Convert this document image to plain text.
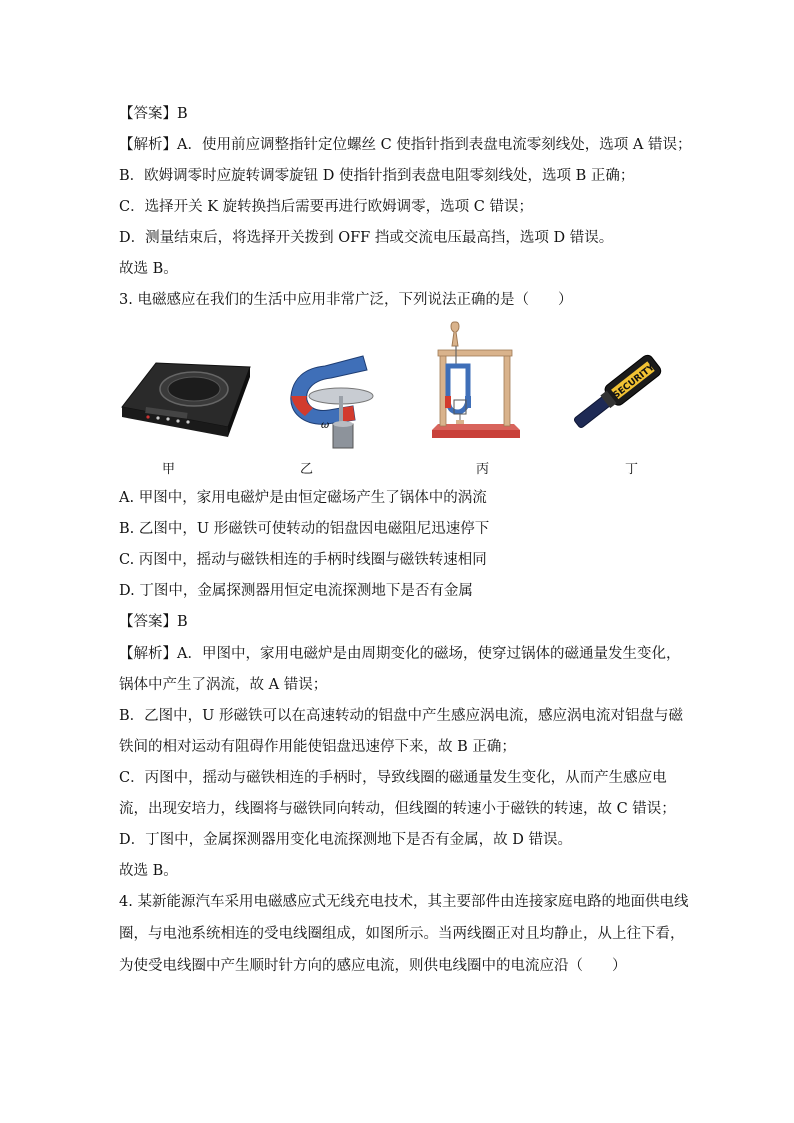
【答案】B
【解析】A．使用前应调整指针定位螺丝 C 使指针指到表盘电流零刻线处，选项 A 错误；
B．欧姆调零时应旋转调零旋钮 D 使指针指到表盘电阻零刻线处，选项 B 正确；
C．选择开关 K 旋转换挡后需要再进行欧姆调零，选项 C 错误；
D．测量结束后，将选择开关拨到 OFF 挡或交流电压最高挡，选项 D 错误。
故选 B。
3. 电磁感应在我们的生活中应用非常广泛，下列说法正确的是（　　）
ω
SECURITY
甲	乙	丙	丁
A. 甲图中，家用电磁炉是由恒定磁场产生了锅体中的涡流
B. 乙图中，U 形磁铁可使转动的铝盘因电磁阻尼迅速停下
C. 丙图中，摇动与磁铁相连的手柄时线圈与磁铁转速相同
D. 丁图中，金属探测器用恒定电流探测地下是否有金属
【答案】B
【解析】A．甲图中，家用电磁炉是由周期变化的磁场，使穿过锅体的磁通量发生变化，
锅体中产生了涡流，故 A 错误；
B．乙图中，U 形磁铁可以在高速转动的铝盘中产生感应涡电流，感应涡电流对铝盘与磁
铁间的相对运动有阻碍作用能使铝盘迅速停下来，故 B 正确；
C．丙图中，摇动与磁铁相连的手柄时，导致线圈的磁通量发生变化，从而产生感应电
流，出现安培力，线圈将与磁铁同向转动，但线圈的转速小于磁铁的转速，故 C 错误；
D．丁图中，金属探测器用变化电流探测地下是否有金属，故 D 错误。
故选 B。
4. 某新能源汽车采用电磁感应式无线充电技术，其主要部件由连接家庭电路的地面供电线
圈，与电池系统相连的受电线圈组成，如图所示。当两线圈正对且均静止，从上往下看，
为使受电线圈中产生顺时针方向的感应电流，则供电线圈中的电流应沿（　　）
